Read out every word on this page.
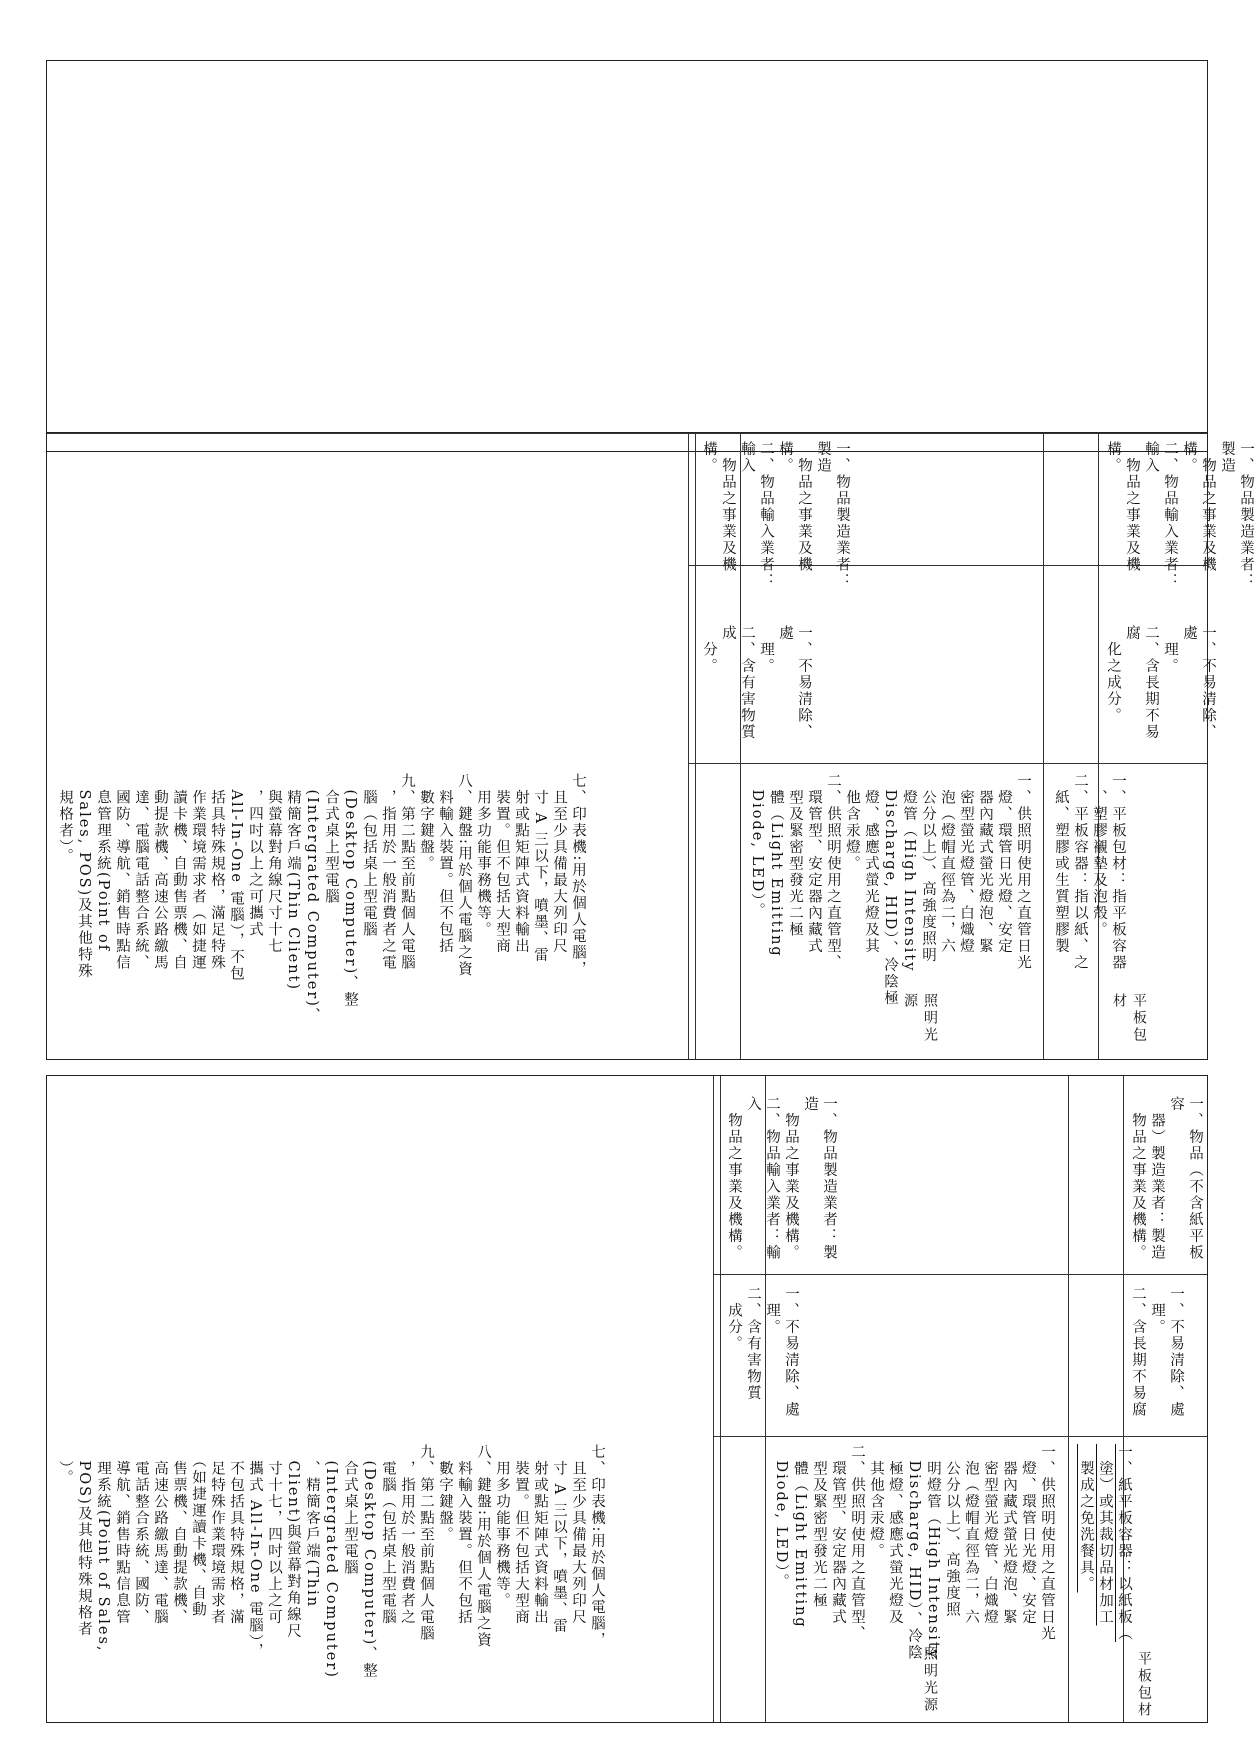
七、印表機:用於個人電腦，
　且至少具備最大列印尺
　寸 A 三以下，噴墨、雷
　射或點矩陣式資料輸出
　裝置。但不包括大型商
　用多功能事務機等。
八、鍵盤:用於個人電腦之資
　料輸入裝置。但不包括
　數字鍵盤。
九、第二點至前點個人電腦
　，指用於一般消費者之電
　腦（包括桌上型電腦
　(Desktop Computer)、整
　合式桌上型電腦
　(Intergrated Computer)、
　精簡客戶端(Thin Client)
　與螢幕對角線尺寸十七
　，四吋以上之可攜式
　All-In-One 電腦），不包
　括具特殊規格，滿足特殊
　作業環境需求者（如捷運
　讀卡機、自動售票機、自
　動提款機、高速公路繳馬
　達、電腦電話整合系統、
　國防、導航、銷售時點信
　息管理系統(Point of
　Sales, POS)及其他特殊
　規格者）。
一、物品製造業者：製造
　物品之事業及機構。
二、物品輸入業者：輸入
　物品之事業及機構。
一、不易清除、處
　理。
二、含有害物質成
　分。
一、供照明使用之直管日光
　燈、環管日光燈、安定
　器內藏式螢光燈泡、緊
　密型螢光燈管、白熾燈
　泡（燈帽直徑為二，六
　公分以上）、高強度照明
　燈管（High Intensity
　Discharge, HID）、冷陰極
　燈、感應式螢光燈及其
　他含汞燈。
二、供照明使用之直管型、
　環管型、安定器內藏式
　型及緊密型發光二極
　體（Light Emitting
　Diode, LED）。
照明光源
一、物品製造業者：製造
　物品之事業及機構。
二、物品輸入業者：輸入
　物品之事業及機構。
一、不易清除、處
　理。
二、含長期不易腐
　化之成分。
一、平板包材：指平板容器
　、塑膠襯墊及泡殼。
二、平板容器：指以紙、之
　紙、塑膠或生質塑膠製
平板包材
七、印表機:用於個人電腦，
　且至少具備最大列印尺
　寸 A 三以下，噴墨、雷
　射或點矩陣式資料輸出
　裝置。但不包括大型商
　用多功能事務機等。
八、鍵盤:用於個人電腦之資
　料輸入裝置。但不包括
　數字鍵盤。
九、第二點至前點個人電腦
　，指用於一般消費者之
　電腦（包括桌上型電腦
　(Desktop Computer)、整
　合式桌上型電腦
　(Intergrated Computer)
　、精簡客戶端(Thin
　Client)與螢幕對角線尺
　寸十七，四吋以上之可
　攜式 All-In-One 電腦），
　不包括具特殊規格，滿
　足特殊作業環境需求者
　（如捷運讀卡機、自動
　售票機、自動提款機、
　高速公路繳馬達、電腦
　電話整合系統、國防、
　導航、銷售時點信息管
　理系統(Point of Sales,
　POS)及其他特殊規格者
　）。
一、物品製造業者：製造
　物品之事業及機構。
二、物品輸入業者：輸入
　物品之事業及機構。
一、不易清除、處
　理。
二、含有害物質
　成分。
一、供照明使用之直管日光
　燈、環管日光燈、安定
　器內藏式螢光燈泡、緊
　密型螢光燈管、白熾燈
　泡（燈帽直徑為二，六
　公分以上）、高強度照
　明燈管（High Intensity
　Discharge, HID）、冷陰
　極燈、感應式螢光燈及
　其他含汞燈。
二、供照明使用之直管型、
　環管型、安定器內藏式
　型及緊密型發光二極
　體（Light Emitting
　Diode, LED）。
照明光源
一、物品（不含紙平板容
　器）製造業者：製造
　物品之事業及機構。
一、不易清除、處
　理。
二、含長期不易腐
一、紙平板容器：以紙板（
　塗）或其裁切品材加工
　製成之免洗餐具。
平板包材
